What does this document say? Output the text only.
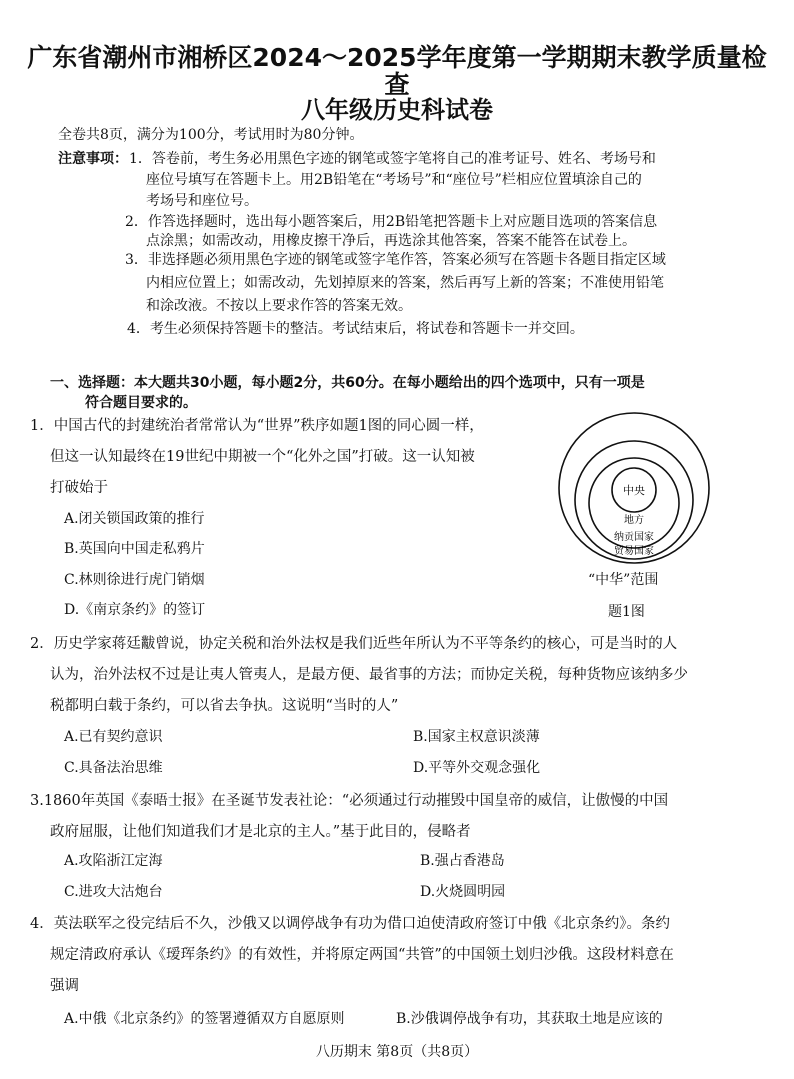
广东省潮州市湘桥区2024～2025学年度第一学期期末教学质量检
查
八年级历史科试卷
全卷共8页，满分为100分，考试用时为80分钟。
注意事项： 1．答卷前，考生务必用黑色字迹的钢笔或签字笔将自己的准考证号、姓名、考场号和
座位号填写在答题卡上。用2B铅笔在“考场号”和“座位号”栏相应位置填涂自己的
考场号和座位号。
2．作答选择题时，选出每小题答案后，用2B铅笔把答题卡上对应题目选项的答案信息
点涂黑；如需改动，用橡皮擦干净后，再选涂其他答案，答案不能答在试卷上。
3．非选择题必须用黑色字迹的钢笔或签字笔作答，答案必须写在答题卡各题目指定区域
内相应位置上；如需改动，先划掉原来的答案，然后再写上新的答案；不准使用铅笔
和涂改液。不按以上要求作答的答案无效。
4．考生必须保持答题卡的整洁。考试结束后，将试卷和答题卡一并交回。
一、选择题：本大题共30小题，每小题2分，共60分。在每小题给出的四个选项中，只有一项是
符合题目要求的。
1．中国古代的封建统治者常常认为“世界”秩序如题1图的同心圆一样，
但这一认知最终在19世纪中期被一个“化外之国”打破。这一认知被
打破始于
A.闭关锁国政策的推行
B.英国向中国走私鸦片
C.林则徐进行虎门销烟
D.《南京条约》的签订
中央
地方
纳贡国家
贸易国家
“中华”范围
题1图
2．历史学家蒋廷黻曾说，协定关税和治外法权是我们近些年所认为不平等条约的核心，可是当时的人
认为，治外法权不过是让夷人管夷人，是最方便、最省事的方法；而协定关税，每种货物应该纳多少
税都明白载于条约，可以省去争执。这说明“当时的人”
A.已有契约意识	B.国家主权意识淡薄
C.具备法治思维	D.平等外交观念强化
3.1860年英国《泰晤士报》在圣诞节发表社论：“必须通过行动摧毁中国皇帝的威信，让傲慢的中国
政府屈服，让他们知道我们才是北京的主人。”基于此目的，侵略者
A.攻陷浙江定海	B.强占香港岛
C.进攻大沽炮台	D.火烧圆明园
4．英法联军之役完结后不久，沙俄又以调停战争有功为借口迫使清政府签订中俄《北京条约》。条约
规定清政府承认《瑷珲条约》的有效性，并将原定两国“共管”的中国领土划归沙俄。这段材料意在
强调
A.中俄《北京条约》的签署遵循双方自愿原则	B.沙俄调停战争有功，其获取土地是应该的
八历期末 第8页（共8页）
